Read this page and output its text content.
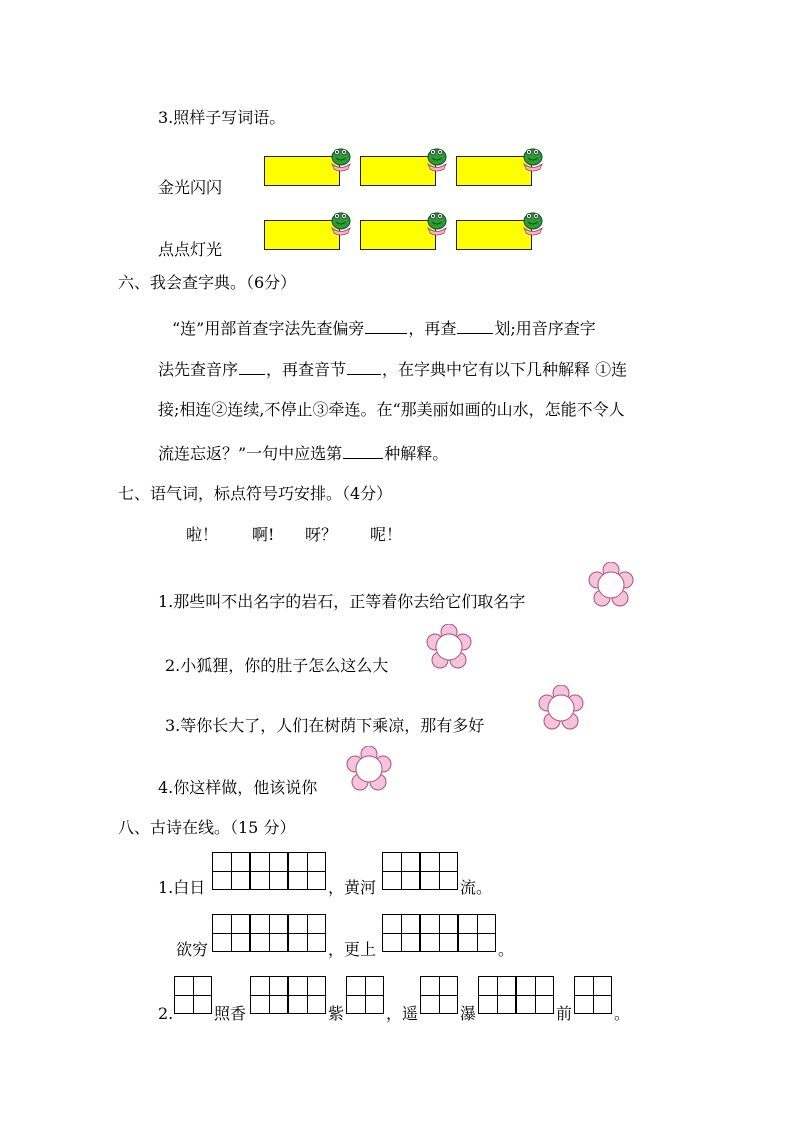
3.照样子写词语。
金光闪闪
点点灯光
六、我会查字典。（6分）
“连”用部首查字法先查偏旁	，再查 划;用音序查字
法先查音序 ，再查音节 ，在字典中它有以下几种解释 ①连
接;相连②连续,不停止③牵连。在“那美丽如画的山水，怎能不令人
流连忘返？”一句中应选第	种解释。
七、语气词，标点符号巧安排。（4分）
啦！ 啊! 呀？ 呢！
1.那些叫不出名字的岩石，正等着你去给它们取名字
2.小狐狸，你的肚子怎么这么大
3.等你长大了，人们在树荫下乘凉，那有多好
4.你这样做，他该说你
八、古诗在线。（15 分）
1.白日	，黄河	流。
欲穷	，更上	。
2.	照香	紫	，遥	瀑	前	。
